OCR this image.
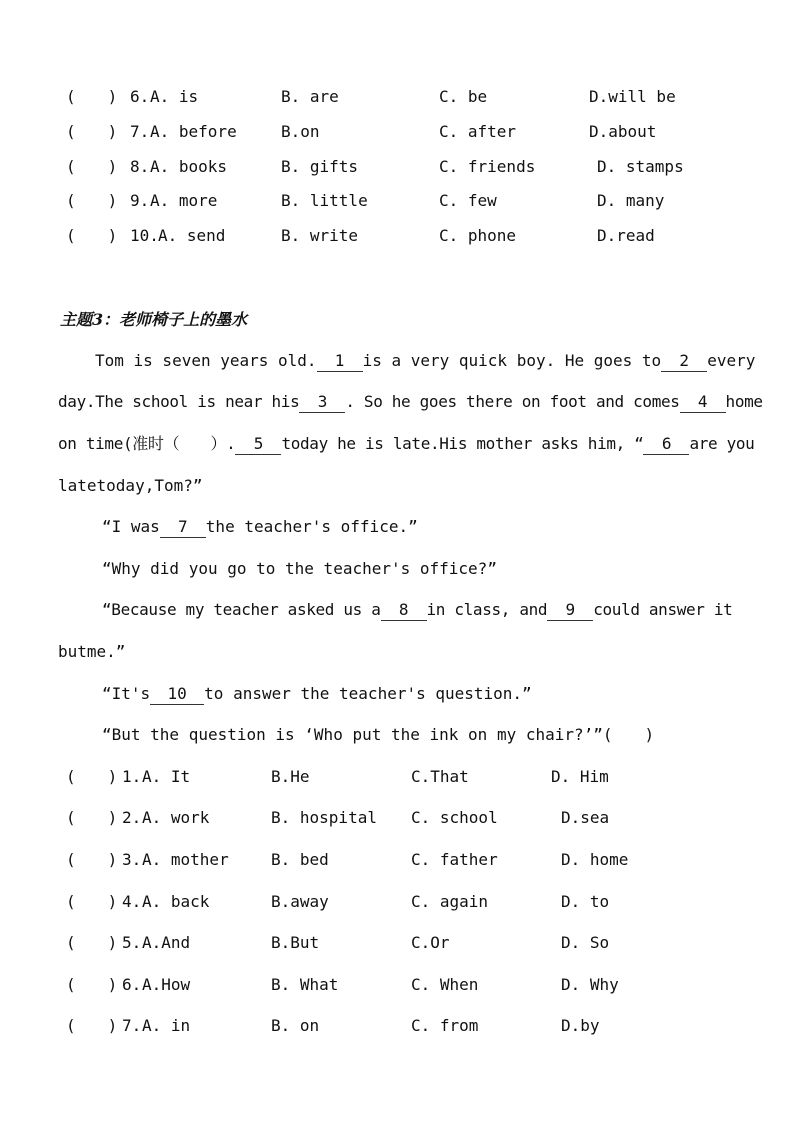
(　　) 6. A. is	B. are	C. be	D.will be
(　　) 7. A. before	B.on	C. after	D.about
(　　) 8. A. books	B. gifts	C. friends	D. stamps
(　　) 9. A. more	B. little	C. few	D. many
(　　) 10. A. send	B. write	C. phone	D.read
主题3：老师椅子上的墨水
Tom is seven years old. 1 is a very quick boy. He goes to 2 every
day.The school is near his 3 . So he goes there on foot and comes 4 home
on time(准时（　　）. 5 today he is late.His mother asks him, “ 6 are you
latetoday,Tom?”
“I was 7 the teacher's office.”
“Why did you go to the teacher's office?”
“Because my teacher asked us a 8 in class, and 9 could answer it
butme.”
“It's 10 to answer the teacher's question.”
“But the question is ‘Who put the ink on my chair?’”(　　)
(　　) 1. A. It	B.He	C.That	D. Him
(　　) 2. A. work	B. hospital C. school	D.sea
(　　) 3. A. mother	B. bed	C. father	D. home
(　　) 4. A. back	B.away	C. again	D. to
(　　) 5. A.And	B.But	C.Or	D. So
(　　) 6. A.How	B. What	C. When	D. Why
(　　) 7. A. in	B. on	C. from	D.by
